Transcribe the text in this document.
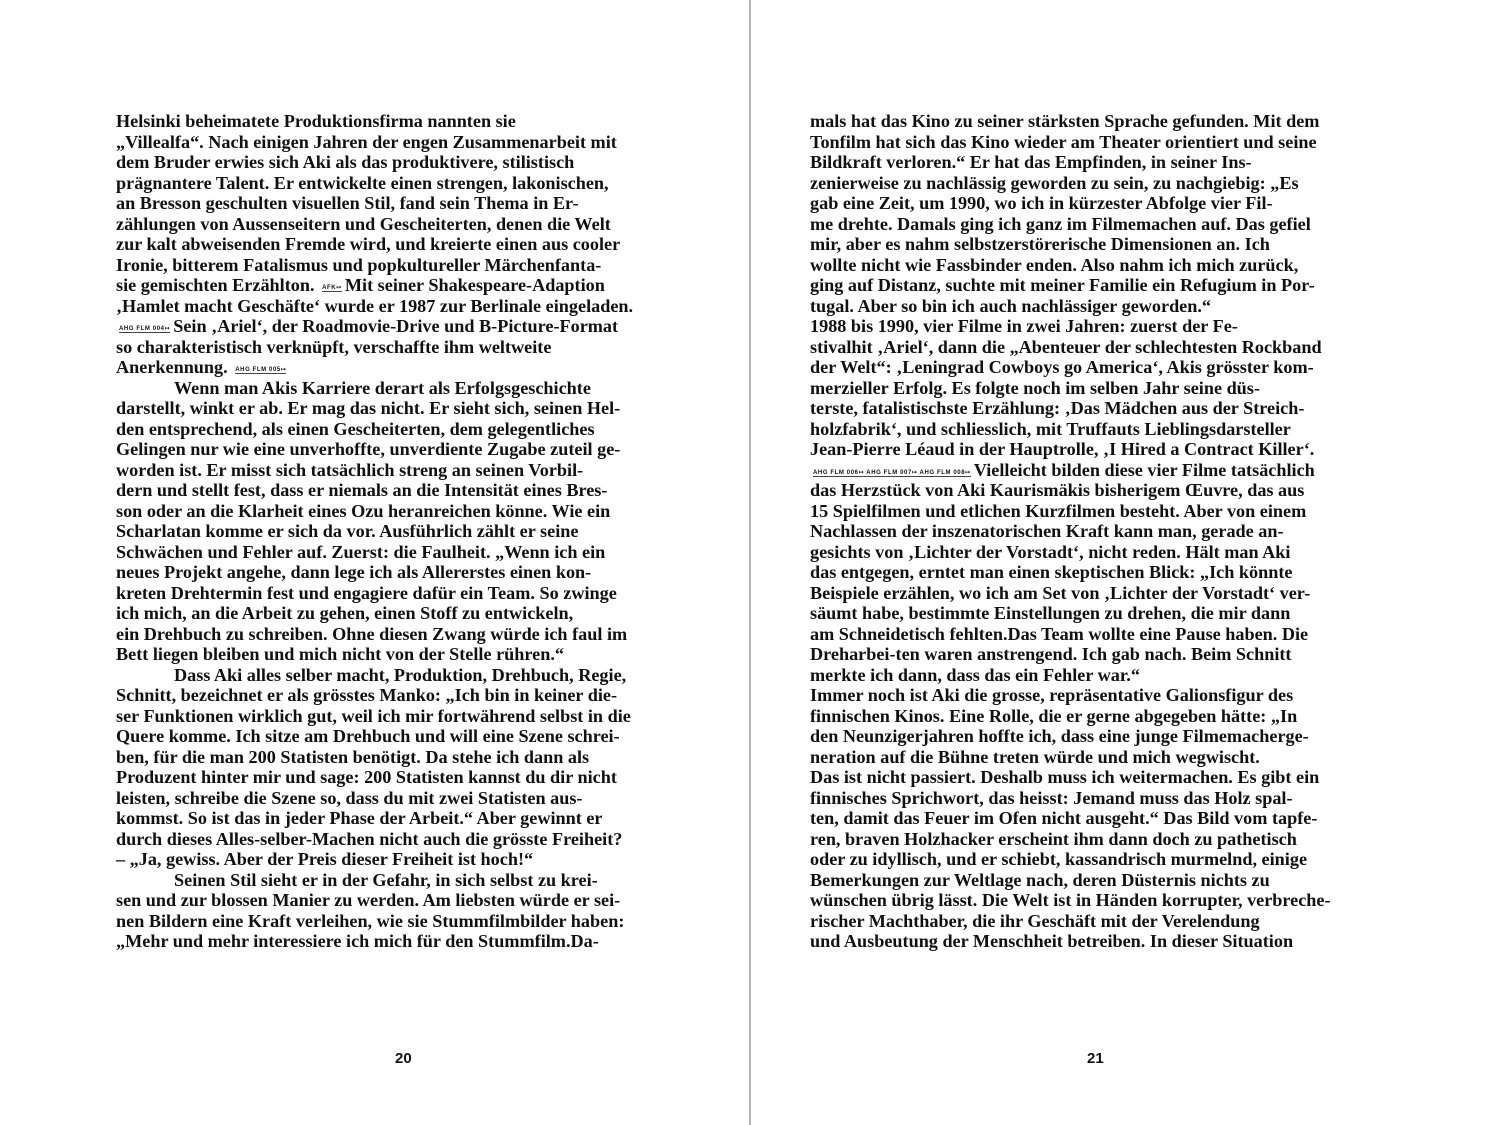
Helsinki beheimatete Produktionsfirma nannten sie
„Villealfa“. Nach einigen Jahren der engen Zusammenarbeit mit
dem Bruder erwies sich Aki als das produktivere, stilistisch
prägnantere Talent. Er entwickelte einen strengen, lakonischen,
an Bresson geschulten visuellen Stil, fand sein Thema in Er-
zählungen von Aussenseitern und Gescheiterten, denen die Welt
zur kalt abweisenden Fremde wird, und kreierte einen aus cooler
Ironie, bitterem Fatalismus und popkultureller Märchenfanta-
sie gemischten Erzählton. AFK↦ Mit seiner Shakespeare-Adaption
‚Hamlet macht Geschäfte‘ wurde er 1987 zur Berlinale eingeladen.
AHG FLM 004↦ Sein ‚Ariel‘, der Roadmovie-Drive und B-Picture-Format
so charakteristisch verknüpft, verschaffte ihm weltweite
Anerkennung. AHG FLM 005↦
Wenn man Akis Karriere derart als Erfolgsgeschichte
darstellt, winkt er ab. Er mag das nicht. Er sieht sich, seinen Hel-
den entsprechend, als einen Gescheiterten, dem gelegentliches
Gelingen nur wie eine unverhoffte, unverdiente Zugabe zuteil ge-
worden ist. Er misst sich tatsächlich streng an seinen Vorbil-
dern und stellt fest, dass er niemals an die Intensität eines Bres-
son oder an die Klarheit eines Ozu heranreichen könne. Wie ein
Scharlatan komme er sich da vor. Ausführlich zählt er seine
Schwächen und Fehler auf. Zuerst: die Faulheit. „Wenn ich ein
neues Projekt angehe, dann lege ich als Allererstes einen kon-
kreten Drehtermin fest und engagiere dafür ein Team. So zwinge
ich mich, an die Arbeit zu gehen, einen Stoff zu entwickeln,
ein Drehbuch zu schreiben. Ohne diesen Zwang würde ich faul im
Bett liegen bleiben und mich nicht von der Stelle rühren.“
Dass Aki alles selber macht, Produktion, Drehbuch, Regie,
Schnitt, bezeichnet er als grösstes Manko: „Ich bin in keiner die-
ser Funktionen wirklich gut, weil ich mir fortwährend selbst in die
Quere komme. Ich sitze am Drehbuch und will eine Szene schrei-
ben, für die man 200 Statisten benötigt. Da stehe ich dann als
Produzent hinter mir und sage: 200 Statisten kannst du dir nicht
leisten, schreibe die Szene so, dass du mit zwei Statisten aus-
kommst. So ist das in jeder Phase der Arbeit.“ Aber gewinnt er
durch dieses Alles-selber-Machen nicht auch die grösste Freiheit?
– „Ja, gewiss. Aber der Preis dieser Freiheit ist hoch!“
Seinen Stil sieht er in der Gefahr, in sich selbst zu krei-
sen und zur blossen Manier zu werden. Am liebsten würde er sei-
nen Bildern eine Kraft verleihen, wie sie Stummfilmbilder haben:
„Mehr und mehr interessiere ich mich für den Stummfilm.Da-
20
mals hat das Kino zu seiner stärksten Sprache gefunden. Mit dem
Tonfilm hat sich das Kino wieder am Theater orientiert und seine
Bildkraft verloren.“ Er hat das Empfinden, in seiner Ins-
zenierweise zu nachlässig geworden zu sein, zu nachgiebig: „Es
gab eine Zeit, um 1990, wo ich in kürzester Abfolge vier Fil-
me drehte. Damals ging ich ganz im Filmemachen auf. Das gefiel
mir, aber es nahm selbstzerstörerische Dimensionen an. Ich
wollte nicht wie Fassbinder enden. Also nahm ich mich zurück,
ging auf Distanz, suchte mit meiner Familie ein Refugium in Por-
tugal. Aber so bin ich auch nachlässiger geworden.“
1988 bis 1990, vier Filme in zwei Jahren: zuerst der Fe-
stivalhit ‚Ariel‘, dann die „Abenteuer der schlechtesten Rockband
der Welt“: ‚Leningrad Cowboys go America‘, Akis grösster kom-
merzieller Erfolg. Es folgte noch im selben Jahr seine düs-
terste, fatalistischste Erzählung: ‚Das Mädchen aus der Streich-
holzfabrik‘, und schliesslich, mit Truffauts Lieblingsdarsteller
Jean-Pierre Léaud in der Hauptrolle, ‚I Hired a Contract Killer‘.
AHG FLM 006↦ AHG FLM 007↦ AHG FLM 008↦ Vielleicht bilden diese vier Filme tatsächlich
das Herzstück von Aki Kaurismäkis bisherigem Œuvre, das aus
15 Spielfilmen und etlichen Kurzfilmen besteht. Aber von einem
Nachlassen der inszenatorischen Kraft kann man, gerade an-
gesichts von ‚Lichter der Vorstadt‘, nicht reden. Hält man Aki
das entgegen, erntet man einen skeptischen Blick: „Ich könnte
Beispiele erzählen, wo ich am Set von ‚Lichter der Vorstadt‘ ver-
säumt habe, bestimmte Einstellungen zu drehen, die mir dann
am Schneidetisch fehlten.Das Team wollte eine Pause haben. Die
Dreharbei-ten waren anstrengend. Ich gab nach. Beim Schnitt
merkte ich dann, dass das ein Fehler war.“
Immer noch ist Aki die grosse, repräsentative Galionsfigur des
finnischen Kinos. Eine Rolle, die er gerne abgegeben hätte: „In
den Neunzigerjahren hoffte ich, dass eine junge Filmemacherge-
neration auf die Bühne treten würde und mich wegwischt.
Das ist nicht passiert. Deshalb muss ich weitermachen. Es gibt ein
finnisches Sprichwort, das heisst: Jemand muss das Holz spal-
ten, damit das Feuer im Ofen nicht ausgeht.“ Das Bild vom tapfe-
ren, braven Holzhacker erscheint ihm dann doch zu pathetisch
oder zu idyllisch, und er schiebt, kassandrisch murmelnd, einige
Bemerkungen zur Weltlage nach, deren Düsternis nichts zu
wünschen übrig lässt. Die Welt ist in Händen korrupter, verbreche-
rischer Machthaber, die ihr Geschäft mit der Verelendung
und Ausbeutung der Menschheit betreiben. In dieser Situation
21
